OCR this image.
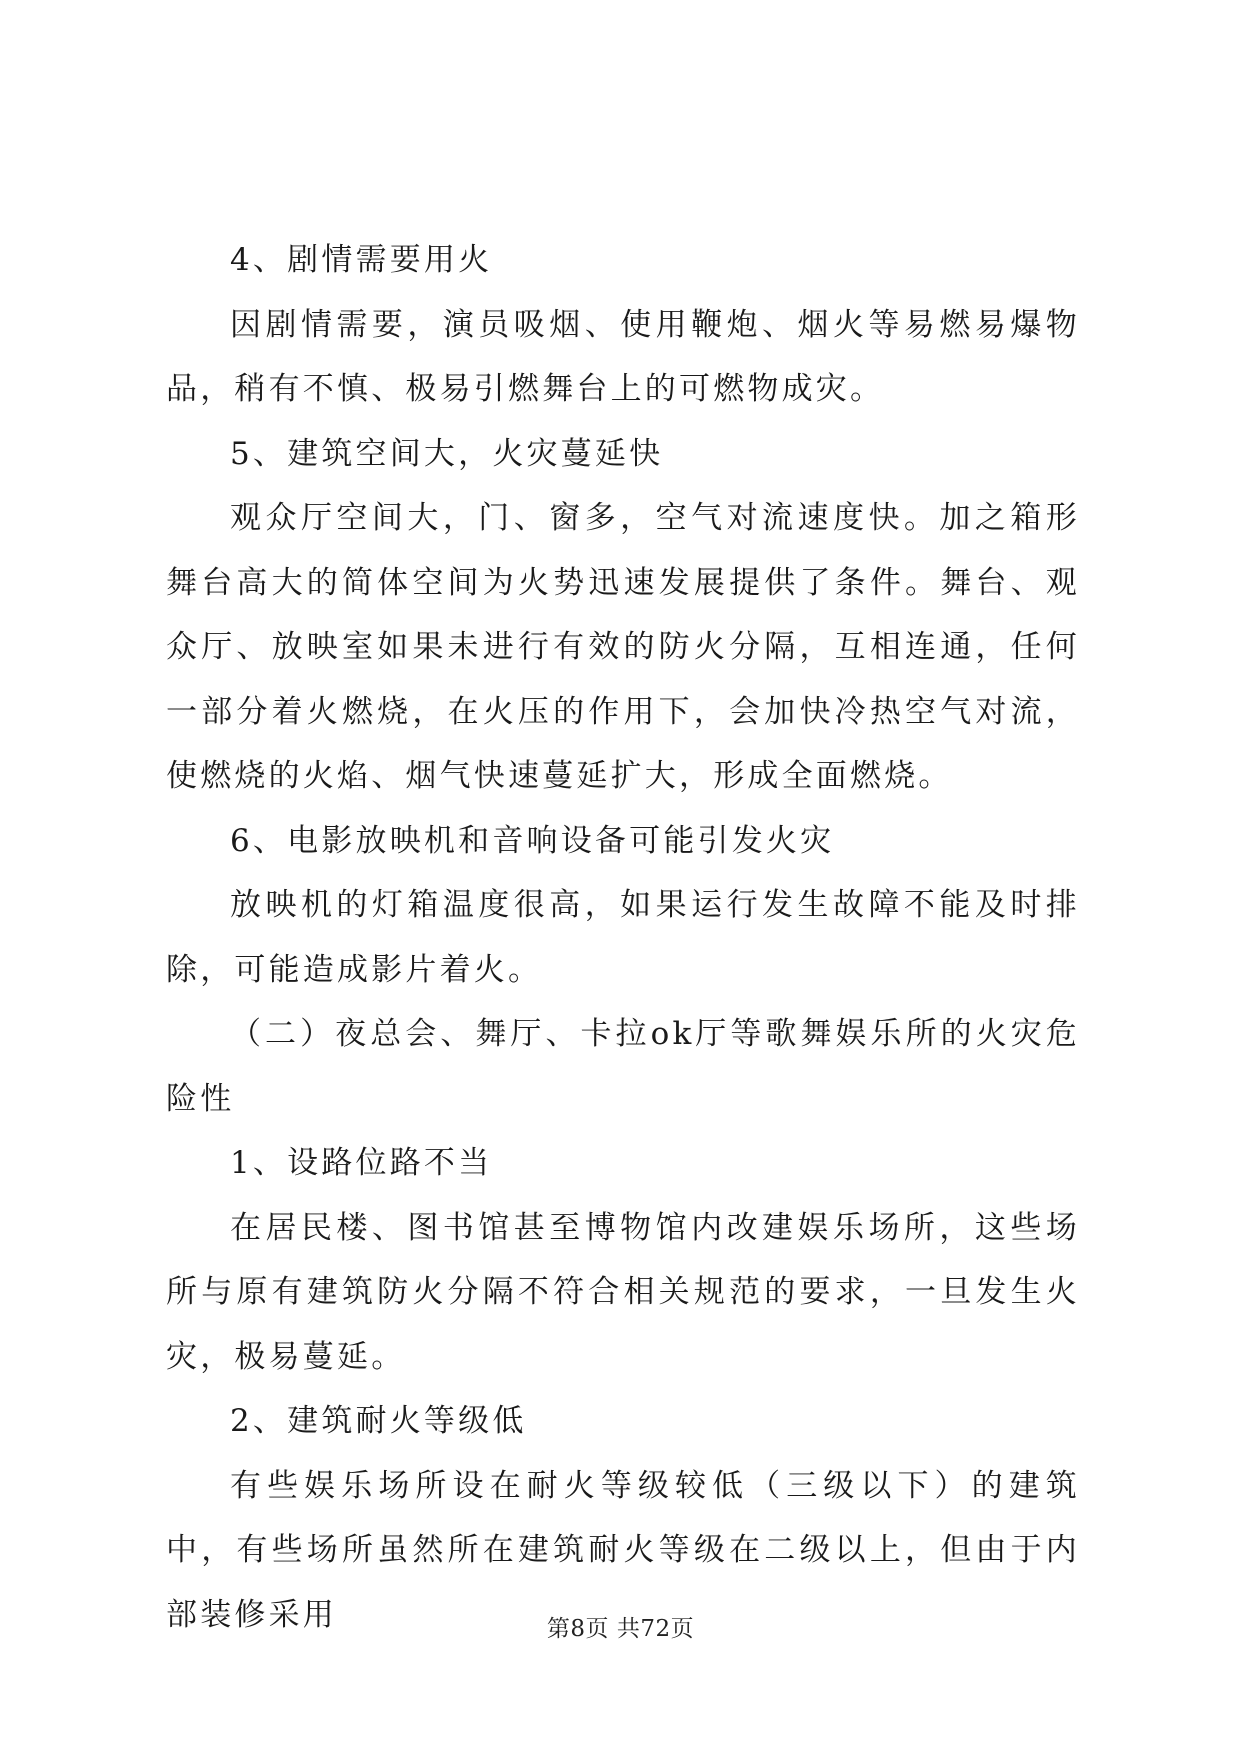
4、剧情需要用火

因剧情需要，演员吸烟、使用鞭炮、烟火等易燃易爆物品，稍有不慎、极易引燃舞台上的可燃物成灾。

5、建筑空间大，火灾蔓延快

观众厅空间大，门、窗多，空气对流速度快。加之箱形舞台高大的简体空间为火势迅速发展提供了条件。舞台、观众厅、放映室如果未进行有效的防火分隔，互相连通，任何一部分着火燃烧，在火压的作用下，会加快冷热空气对流，使燃烧的火焰、烟气快速蔓延扩大，形成全面燃烧。

6、电影放映机和音响设备可能引发火灾

放映机的灯箱温度很高，如果运行发生故障不能及时排除，可能造成影片着火。

（二）夜总会、舞厅、卡拉ok厅等歌舞娱乐所的火灾危险性

1、设路位路不当

在居民楼、图书馆甚至博物馆内改建娱乐场所，这些场所与原有建筑防火分隔不符合相关规范的要求，一旦发生火灾，极易蔓延。

2、建筑耐火等级低

有些娱乐场所设在耐火等级较低（三级以下）的建筑中，有些场所虽然所在建筑耐火等级在二级以上，但由于内部装修采用	第8页 共72页
